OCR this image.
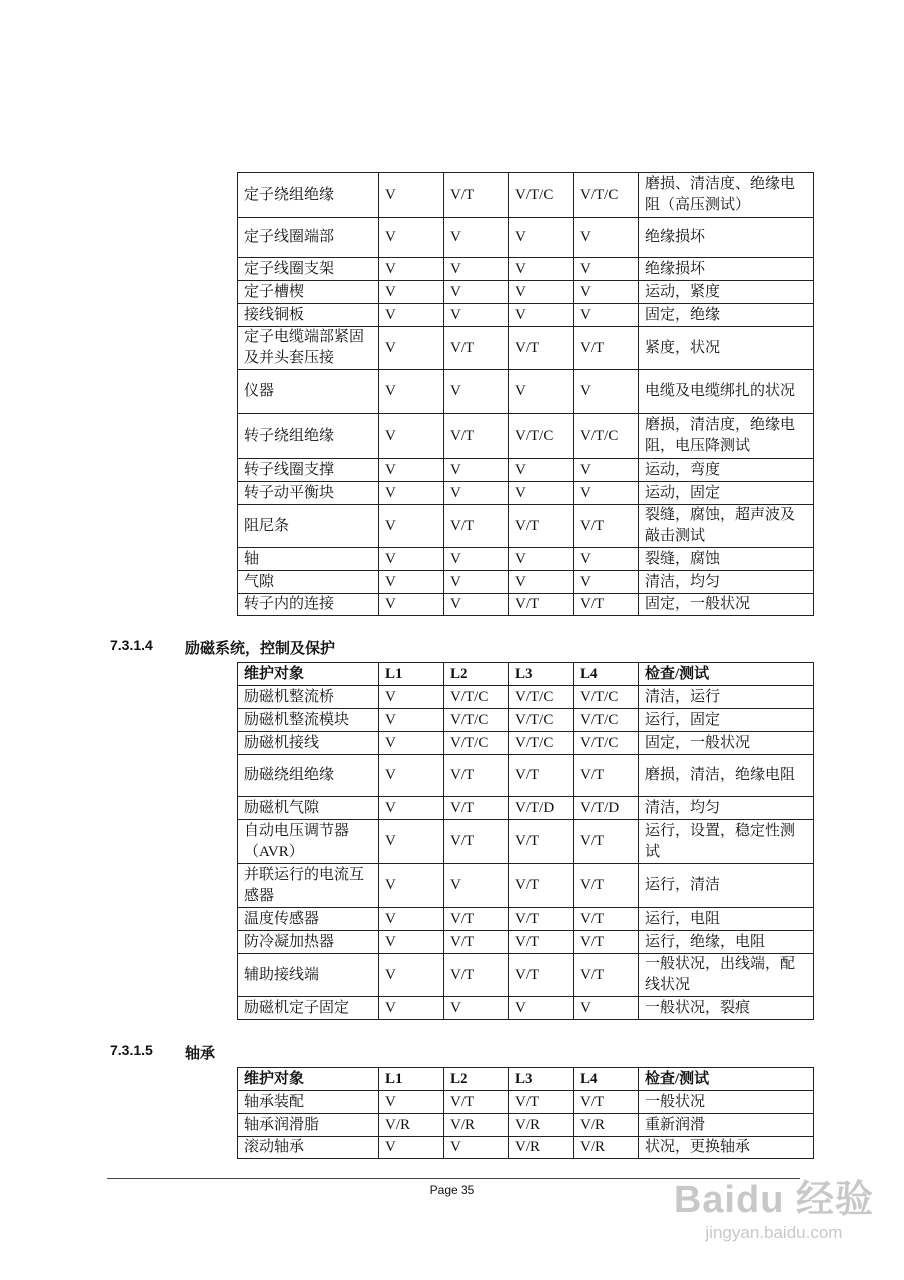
定子绕组绝缘	V	V/T	V/T/C	V/T/C	磨损、清洁度、绝缘电阻（高压测试）
定子线圈端部	V	V	V	V	绝缘损坏
定子线圈支架	V	V	V	V	绝缘损坏
定子槽楔	V	V	V	V	运动，紧度
接线铜板	V	V	V	V	固定，绝缘
定子电缆端部紧固及并头套压接	V	V/T	V/T	V/T	紧度，状况
仪器	V	V	V	V	电缆及电缆绑扎的状况
转子绕组绝缘	V	V/T	V/T/C	V/T/C	磨损，清洁度，绝缘电阻，电压降测试
转子线圈支撑	V	V	V	V	运动，弯度
转子动平衡块	V	V	V	V	运动，固定
阻尼条	V	V/T	V/T	V/T	裂缝，腐蚀，超声波及敲击测试
轴	V	V	V	V	裂缝，腐蚀
气隙	V	V	V	V	清洁，均匀
转子内的连接	V	V	V/T	V/T	固定，一般状况
7.3.1.4 励磁系统，控制及保护
维护对象	L1	L2	L3	L4	检查/测试
励磁机整流桥	V	V/T/C	V/T/C	V/T/C	清洁，运行
励磁机整流模块	V	V/T/C	V/T/C	V/T/C	运行，固定
励磁机接线	V	V/T/C	V/T/C	V/T/C	固定，一般状况
励磁绕组绝缘	V	V/T	V/T	V/T	磨损，清洁，绝缘电阻
励磁机气隙	V	V/T	V/T/D	V/T/D	清洁，均匀
自动电压调节器（AVR）	V	V/T	V/T	V/T	运行，设置，稳定性测试
并联运行的电流互感器	V	V	V/T	V/T	运行，清洁
温度传感器	V	V/T	V/T	V/T	运行，电阻
防冷凝加热器	V	V/T	V/T	V/T	运行，绝缘，电阻
辅助接线端	V	V/T	V/T	V/T	一般状况，出线端，配线状况
励磁机定子固定	V	V	V	V	一般状况，裂痕
7.3.1.5 轴承
维护对象	L1	L2	L3	L4	检查/测试
轴承装配	V	V/T	V/T	V/T	一般状况
轴承润滑脂	V/R	V/R	V/R	V/R	重新润滑
滚动轴承	V	V	V/R	V/R	状况，更换轴承
Page 35	Baidu 经验
jingyan.baidu.com
